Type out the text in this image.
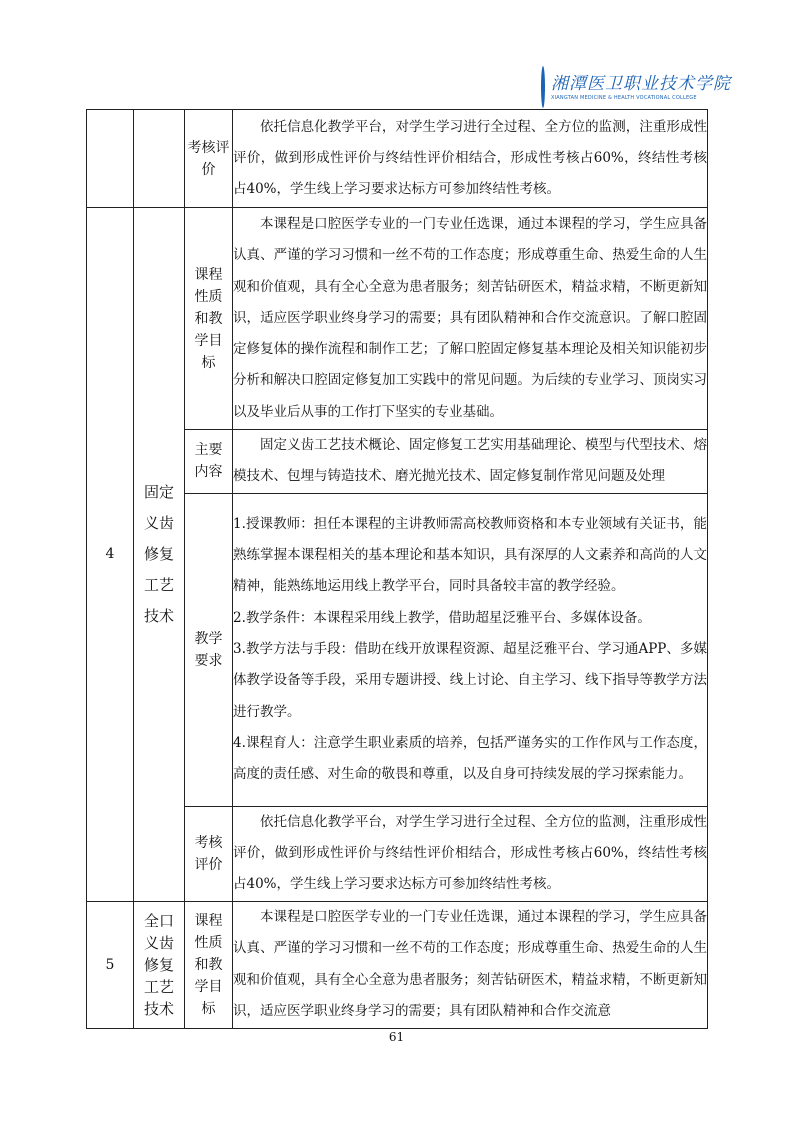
湘潭医卫职业技术学院
XIANGTAN MEDICINE & HEALTH VOCATIONAL COLLEGE
		考核评价	依托信息化教学平台，对学生学习进行全过程、全方位的监测，注重形成性评价，做到形成性评价与终结性评价相结合，形成性考核占60%，终结性考核占40%，学生线上学习要求达标方可参加终结性考核。

4	固定义齿修复工艺技术	课程性质和教学目标	本课程是口腔医学专业的一门专业任选课，通过本课程的学习，学生应具备认真、严谨的学习习惯和一丝不苟的工作态度；形成尊重生命、热爱生命的人生观和价值观，具有全心全意为患者服务；刻苦钻研医术，精益求精，不断更新知识，适应医学职业终身学习的需要；具有团队精神和合作交流意识。了解口腔固定修复体的操作流程和制作工艺；了解口腔固定修复基本理论及相关知识能初步分析和解决口腔固定修复加工实践中的常见问题。为后续的专业学习、顶岗实习以及毕业后从事的工作打下坚实的专业基础。

		主要内容	固定义齿工艺技术概论、固定修复工艺实用基础理论、模型与代型技术、熔模技术、包埋与铸造技术、磨光抛光技术、固定修复制作常见问题及处理

		教学要求	1.授课教师：担任本课程的主讲教师需高校教师资格和本专业领域有关证书，能熟练掌握本课程相关的基本理论和基本知识，具有深厚的人文素养和高尚的人文精神，能熟练地运用线上教学平台，同时具备较丰富的教学经验。

2.教学条件：本课程采用线上教学，借助超星泛雅平台、多媒体设备。

3.教学方法与手段：借助在线开放课程资源、超星泛雅平台、学习通APP、多媒体教学设备等手段，采用专题讲授、线上讨论、自主学习、线下指导等教学方法进行教学。

4.课程育人：注意学生职业素质的培养，包括严谨务实的工作作风与工作态度，高度的责任感、对生命的敬畏和尊重，以及自身可持续发展的学习探索能力。

		考核评价	依托信息化教学平台，对学生学习进行全过程、全方位的监测，注重形成性评价，做到形成性评价与终结性评价相结合，形成性考核占60%，终结性考核占40%，学生线上学习要求达标方可参加终结性考核。

5	全口义齿修复工艺技术	课程性质和教学目标	本课程是口腔医学专业的一门专业任选课，通过本课程的学习，学生应具备认真、严谨的学习习惯和一丝不苟的工作态度；形成尊重生命、热爱生命的人生观和价值观，具有全心全意为患者服务；刻苦钻研医术，精益求精，不断更新知识，适应医学职业终身学习的需要；具有团队精神和合作交流意

61
